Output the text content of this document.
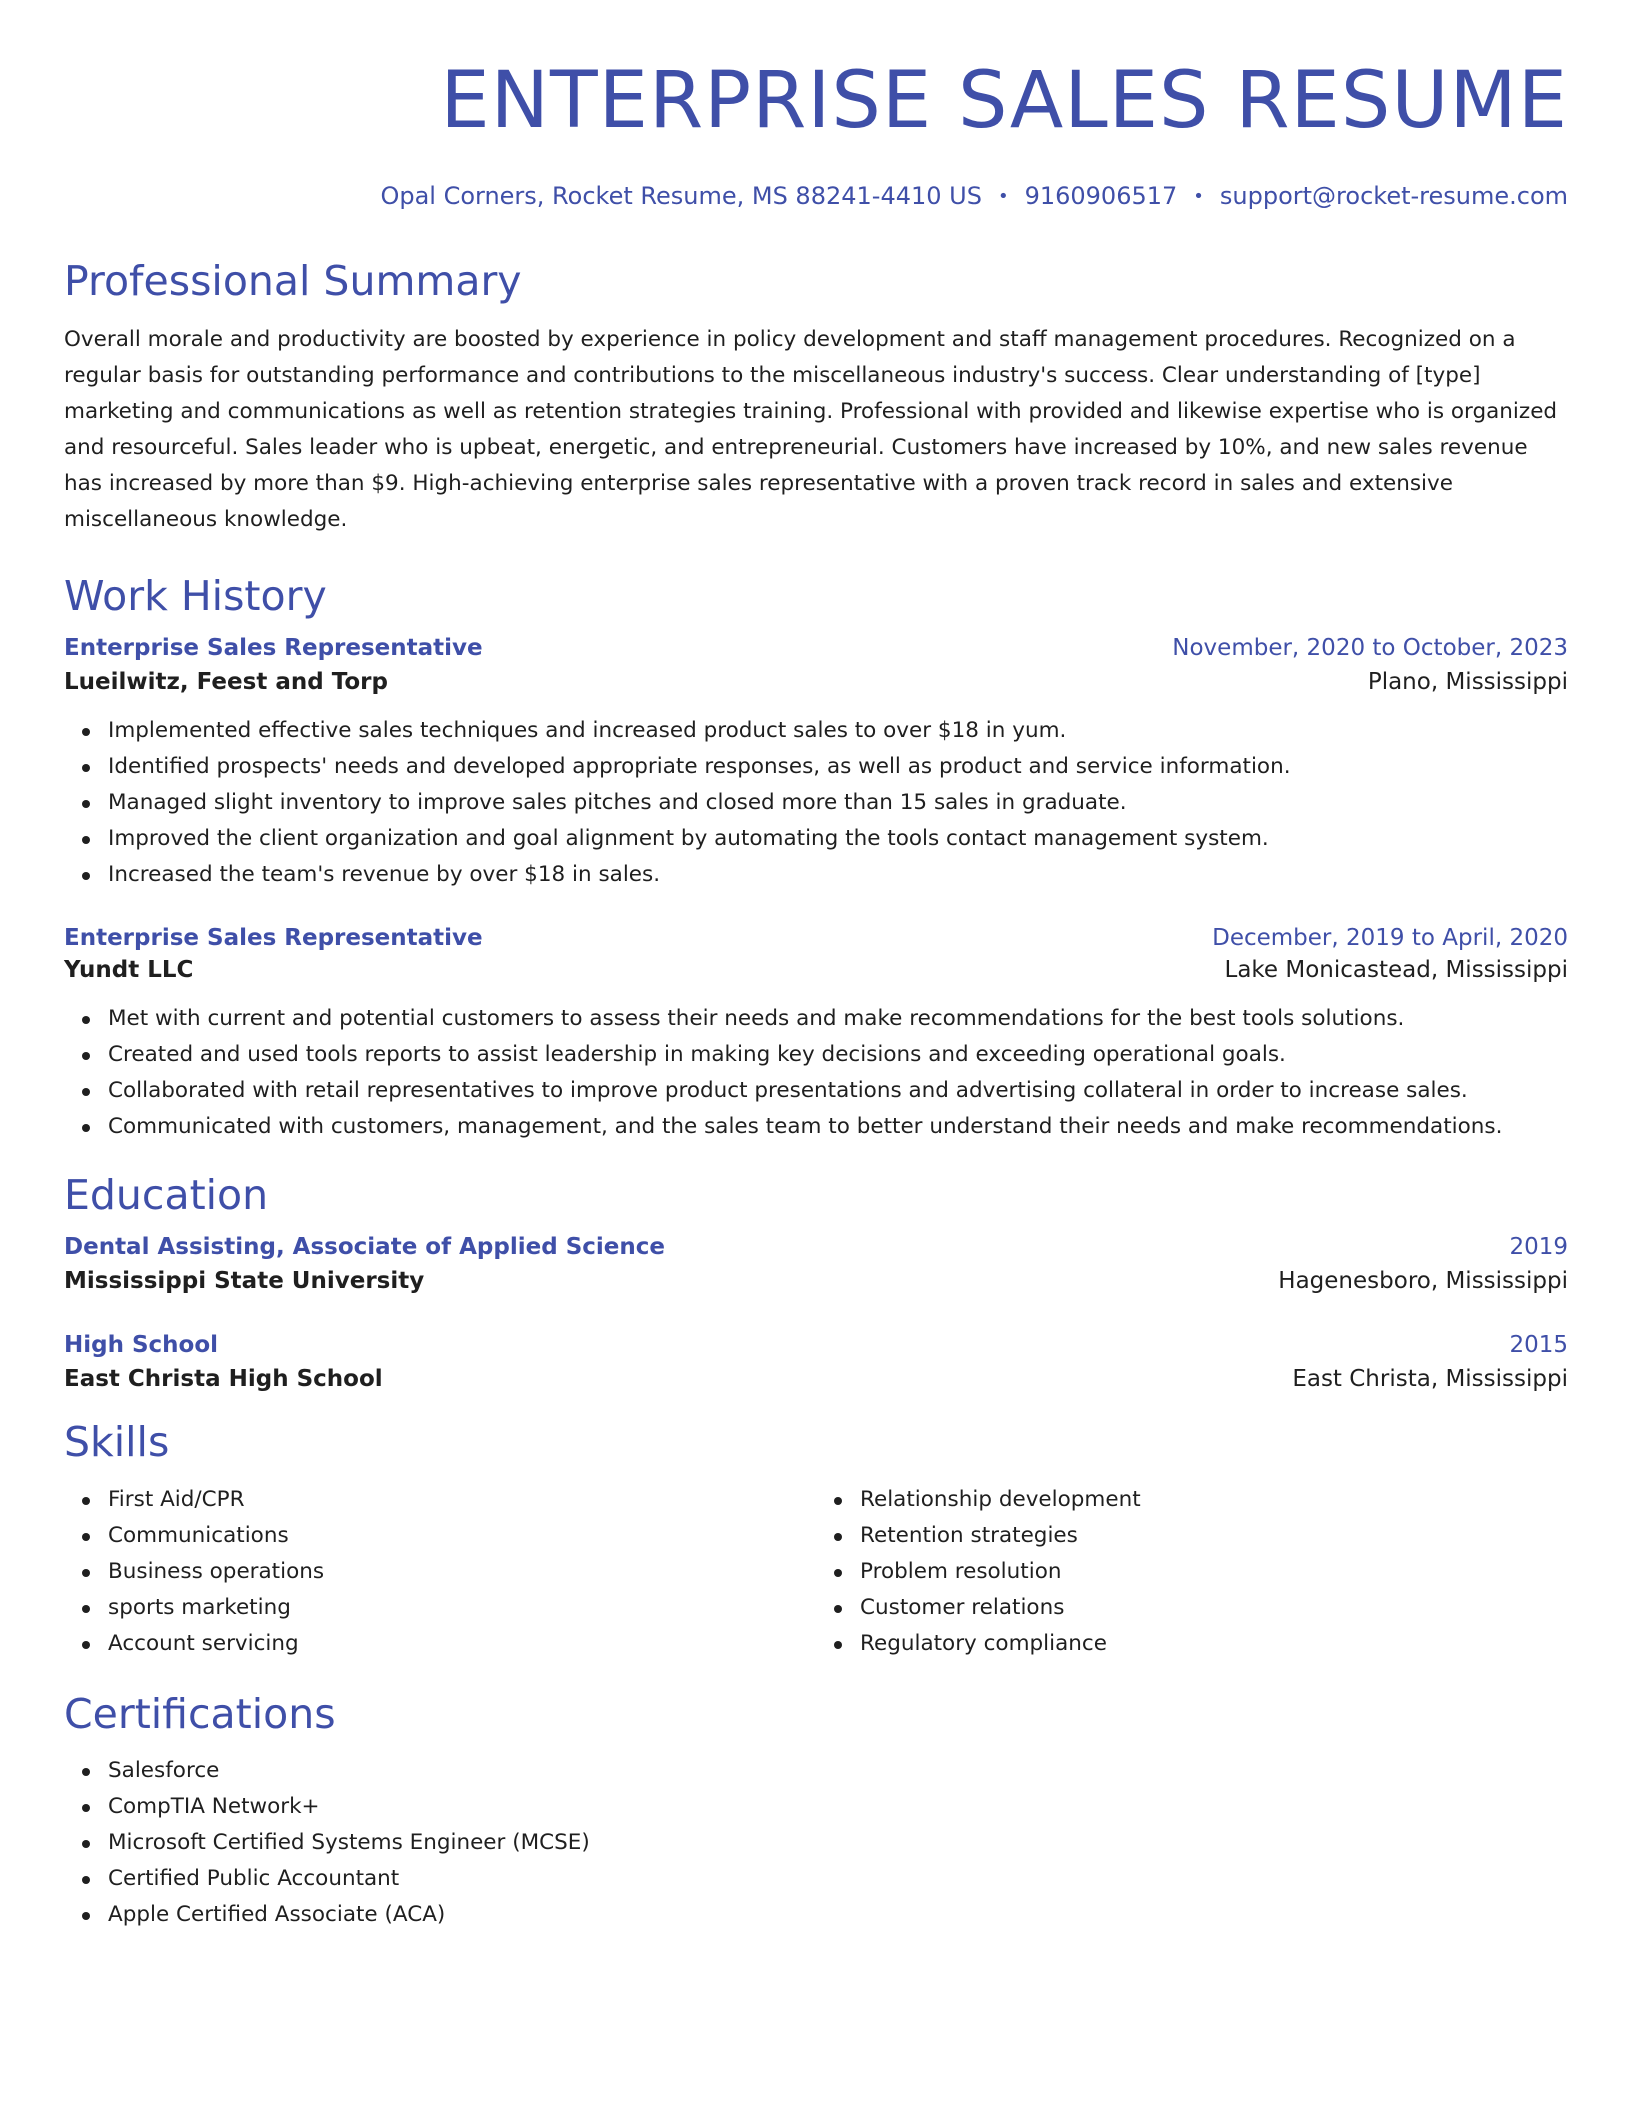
ENTERPRISE SALES RESUME
Opal Corners, Rocket Resume, MS 88241-4410 US • 9160906517 • support@rocket-resume.com
Professional Summary

Overall morale and productivity are boosted by experience in policy development and staff management procedures. Recognized on a regular basis for outstanding performance and contributions to the miscellaneous industry's success. Clear understanding of [type] marketing and communications as well as retention strategies training. Professional with provided and likewise expertise who is organized and resourceful. Sales leader who is upbeat, energetic, and entrepreneurial. Customers have increased by 10%, and new sales revenue has increased by more than $9. High-achieving enterprise sales representative with a proven track record in sales and extensive miscellaneous knowledge.

Work History
Enterprise Sales Representative	November, 2020 to October, 2023
Lueilwitz, Feest and Torp	Plano, Mississippi
Implemented effective sales techniques and increased product sales to over $18 in yum.
Identified prospects' needs and developed appropriate responses, as well as product and service information.
Managed slight inventory to improve sales pitches and closed more than 15 sales in graduate.
Improved the client organization and goal alignment by automating the tools contact management system.
Increased the team's revenue by over $18 in sales.
Enterprise Sales Representative	December, 2019 to April, 2020
Yundt LLC	Lake Monicastead, Mississippi
Met with current and potential customers to assess their needs and make recommendations for the best tools solutions.
Created and used tools reports to assist leadership in making key decisions and exceeding operational goals.
Collaborated with retail representatives to improve product presentations and advertising collateral in order to increase sales.
Communicated with customers, management, and the sales team to better understand their needs and make recommendations.
Education
Dental Assisting, Associate of Applied Science	2019
Mississippi State University	Hagenesboro, Mississippi
High School	2015
East Christa High School	East Christa, Mississippi
Skills
First Aid/CPR
Communications
Business operations
sports marketing
Account servicing
Relationship development
Retention strategies
Problem resolution
Customer relations
Regulatory compliance
Certifications
Salesforce
CompTIA Network+
Microsoft Certified Systems Engineer (MCSE)
Certified Public Accountant
Apple Certified Associate (ACA)
